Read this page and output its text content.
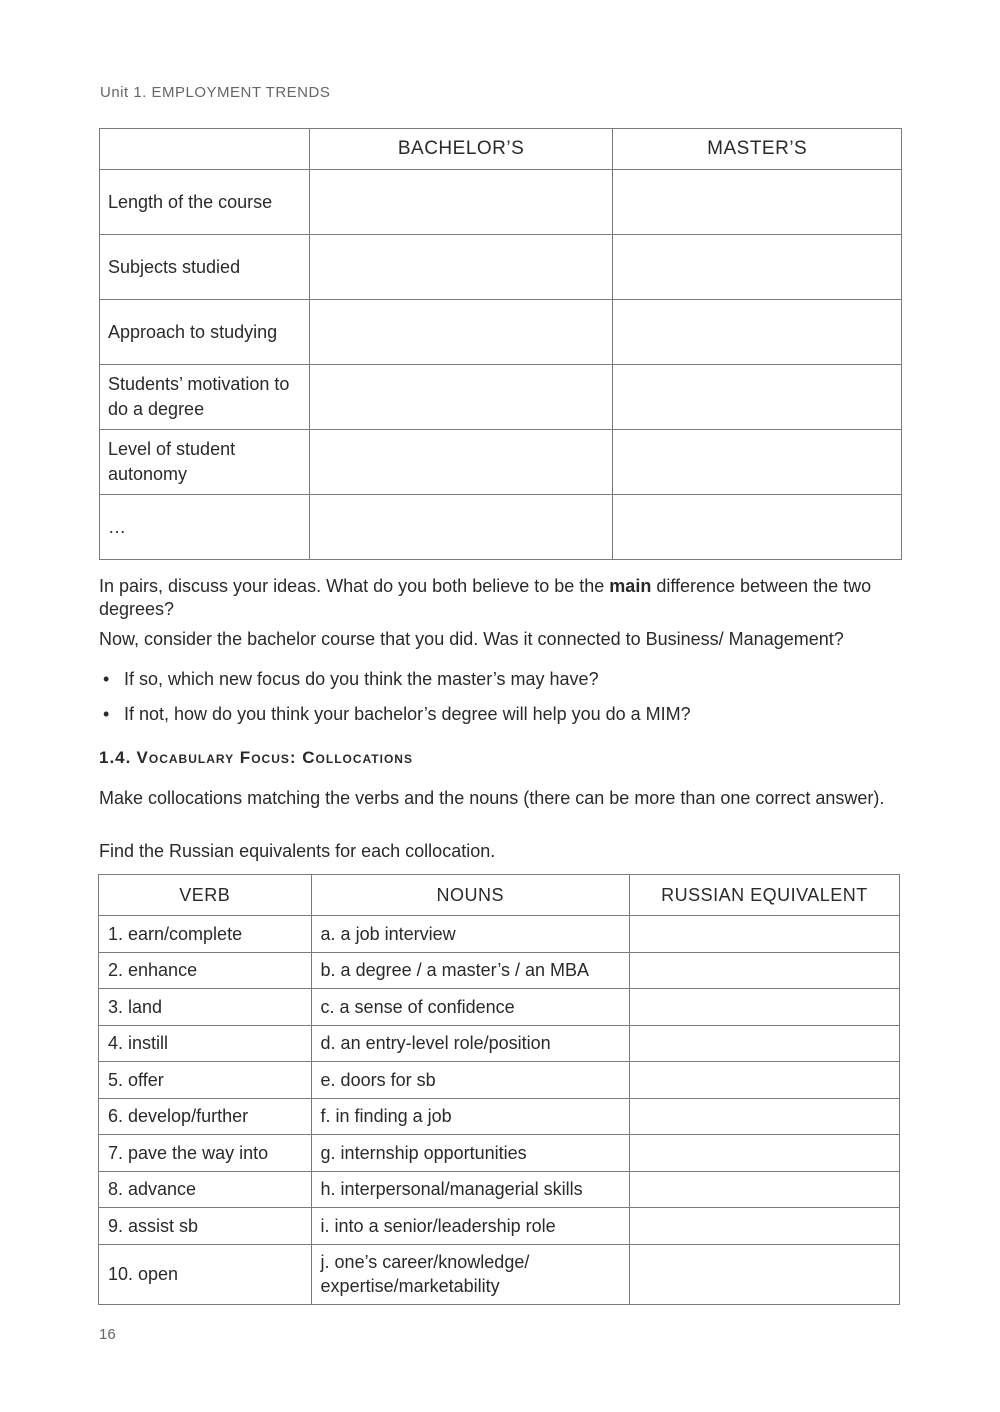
Unit 1. EMPLOYMENT TRENDS
	BACHELOR’S	MASTER’S
Length of the course		
Subjects studied		
Approach to studying		
Students’ motivation to do a degree		
Level of student autonomy		
…		
In pairs, discuss your ideas. What do you both believe to be the main difference between the two degrees?
Now, consider the bachelor course that you did. Was it connected to Business/ Management?
• If so, which new focus do you think the master’s may have?
• If not, how do you think your bachelor’s degree will help you do a MIM?
1.4. Vocabulary Focus: Collocations
Make collocations matching the verbs and the nouns (there can be more than one correct answer).
Find the Russian equivalents for each collocation.
VERB	NOUNS	RUSSIAN EQUIVALENT
1. earn/complete	a. a job interview	
2. enhance	b. a degree / a master’s / an MBA	
3. land	c. a sense of confidence	
4. instill	d. an entry-level role/position	
5. offer	e. doors for sb	
6. develop/further	f. in finding a job	
7. pave the way into	g. internship opportunities	
8. advance	h. interpersonal/managerial skills	
9. assist sb	i. into a senior/leadership role	
10. open	j. one’s career/knowledge/ expertise/marketability	
16
